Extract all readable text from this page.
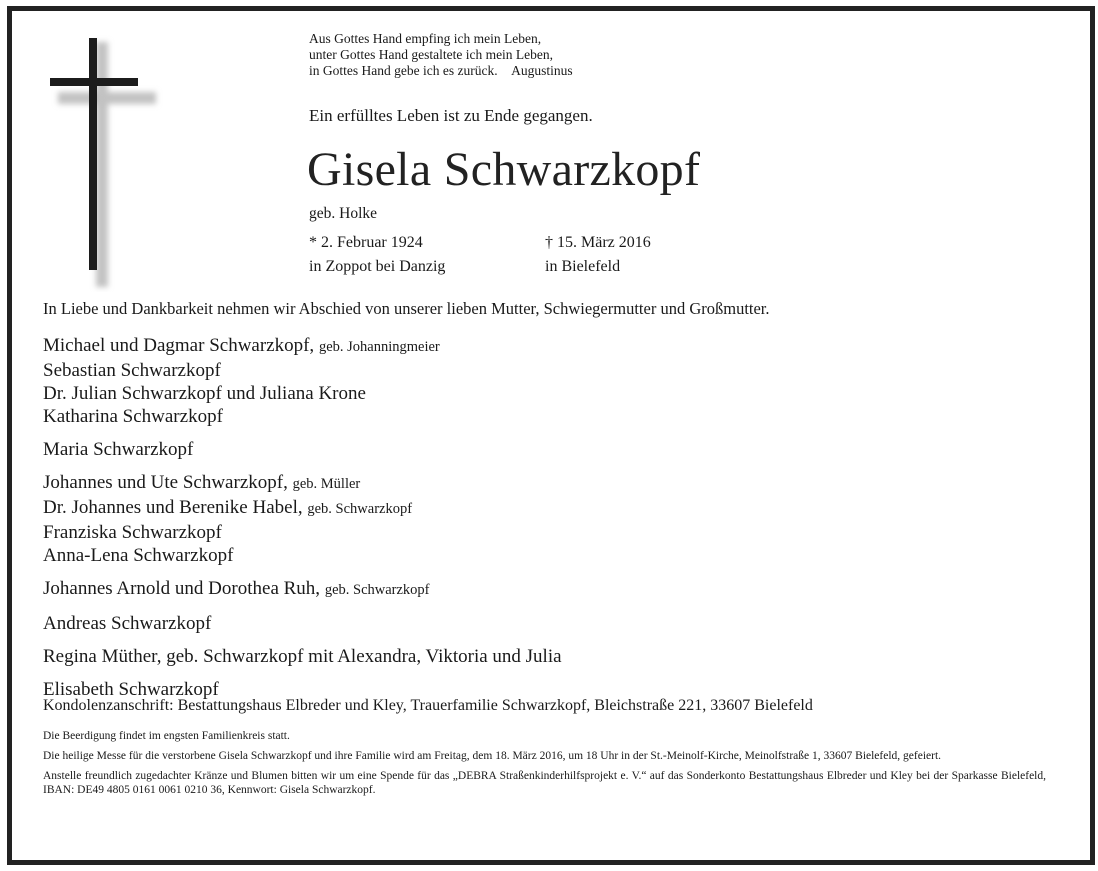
Aus Gottes Hand empfing ich mein Leben,
unter Gottes Hand gestaltete ich mein Leben,
in Gottes Hand gebe ich es zurück. Augustinus
Ein erfülltes Leben ist zu Ende gegangen.
Gisela Schwarzkopf
geb. Holke
* 2. Februar 1924
in Zoppot bei Danzig
† 15. März 2016
in Bielefeld
In Liebe und Dankbarkeit nehmen wir Abschied von unserer lieben Mutter, Schwiegermutter und Großmutter.
Michael und Dagmar Schwarzkopf, geb. Johanningmeier
Sebastian Schwarzkopf
Dr. Julian Schwarzkopf und Juliana Krone
Katharina Schwarzkopf
Maria Schwarzkopf
Johannes und Ute Schwarzkopf, geb. Müller
Dr. Johannes und Berenike Habel, geb. Schwarzkopf
Franziska Schwarzkopf
Anna-Lena Schwarzkopf
Johannes Arnold und Dorothea Ruh, geb. Schwarzkopf
Andreas Schwarzkopf
Regina Müther, geb. Schwarzkopf mit Alexandra, Viktoria und Julia
Elisabeth Schwarzkopf
Kondolenzanschrift: Bestattungshaus Elbreder und Kley, Trauerfamilie Schwarzkopf, Bleichstraße 221, 33607 Bielefeld

Die Beerdigung findet im engsten Familienkreis statt.

Die heilige Messe für die verstorbene Gisela Schwarzkopf und ihre Familie wird am Freitag, dem 18. März 2016, um 18 Uhr in der St.-Meinolf-Kirche, Meinolfstraße 1, 33607 Bielefeld, gefeiert.

Anstelle freundlich zugedachter Kränze und Blumen bitten wir um eine Spende für das „DEBRA Straßenkinderhilfsprojekt e. V.“ auf das Sonderkonto Bestattungshaus Elbreder und Kley bei der Sparkasse Bielefeld, IBAN: DE49 4805 0161 0061 0210 36, Kennwort: Gisela Schwarzkopf.
